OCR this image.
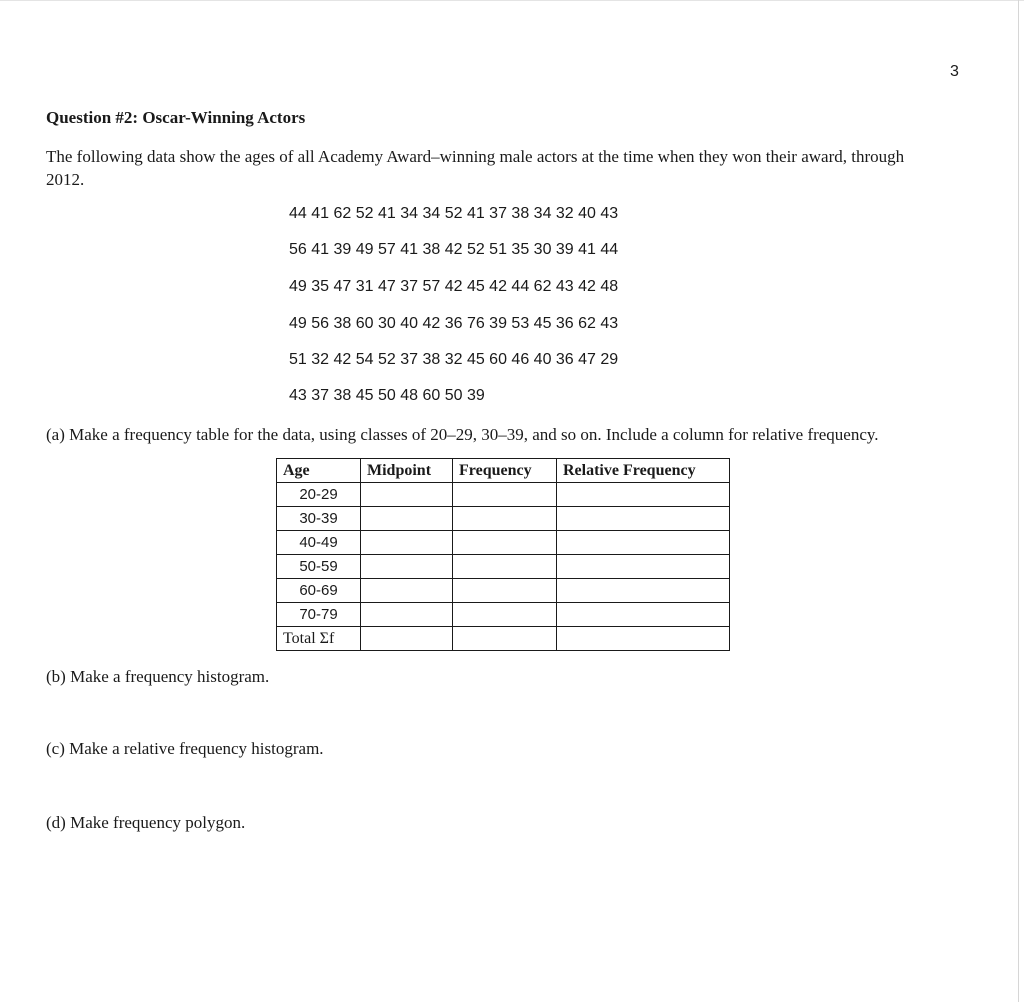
3
Question #2: Oscar-Winning Actors
The following data show the ages of all Academy Award–winning male actors at the time when they won their award, through 2012.
44 41 62 52 41 34 34 52 41 37 38 34 32 40 43
56 41 39 49 57 41 38 42 52 51 35 30 39 41 44
49 35 47 31 47 37 57 42 45 42 44 62 43 42 48
49 56 38 60 30 40 42 36 76 39 53 45 36 62 43
51 32 42 54 52 37 38 32 45 60 46 40 36 47 29
43 37 38 45 50 48 60 50 39
(a) Make a frequency table for the data, using classes of 20–29, 30–39, and so on. Include a column for relative frequency.
Age	Midpoint	Frequency	Relative Frequency
20-29			
30-39			
40-49			
50-59			
60-69			
70-79			
Total Σf			
(b) Make a frequency histogram.
(c) Make a relative frequency histogram.
(d) Make frequency polygon.
